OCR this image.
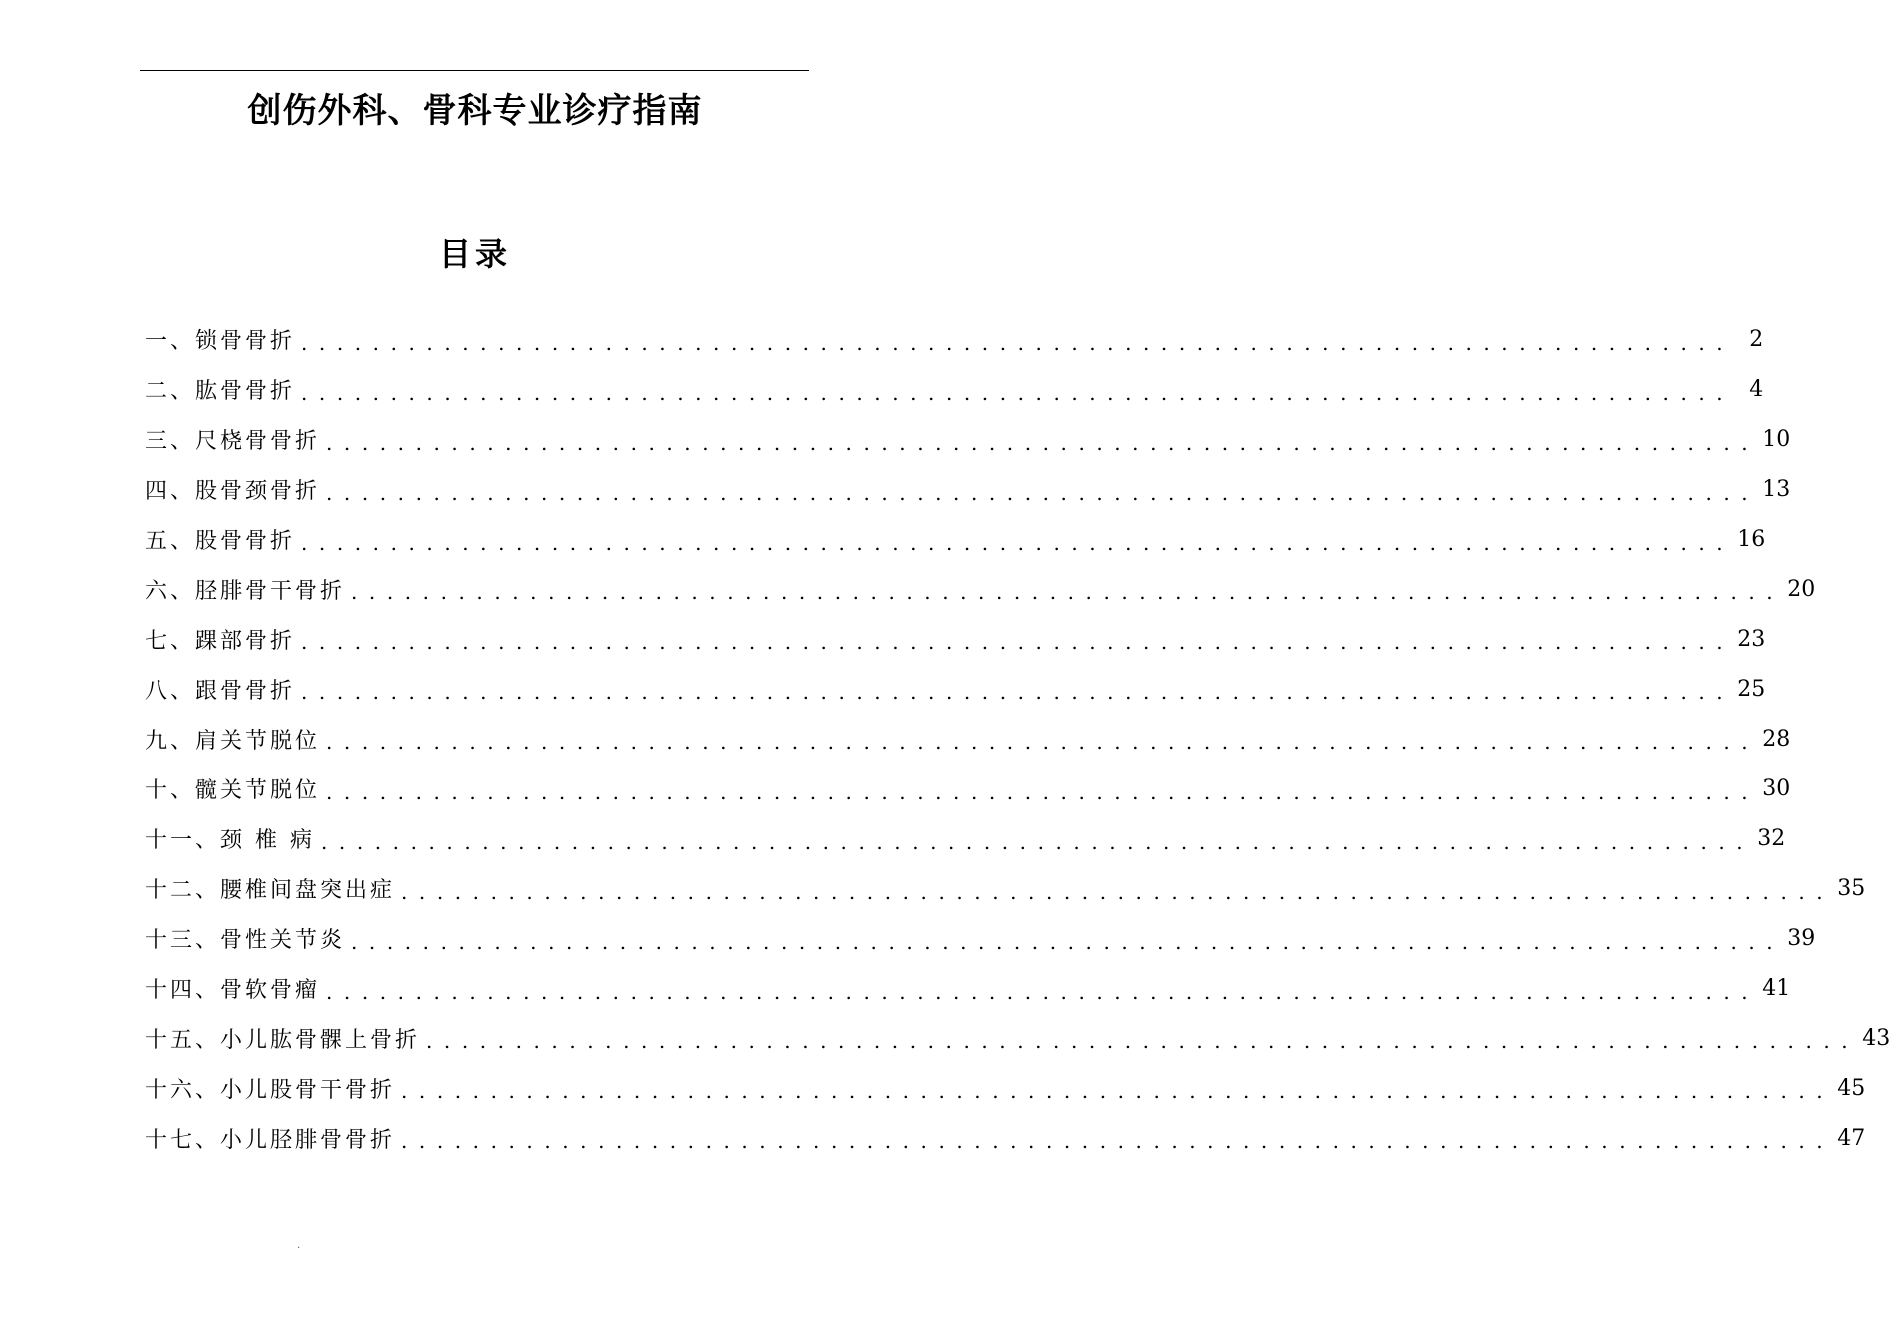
创伤外科、骨科专业诊疗指南
目录
一、锁骨骨折 . . . . . . . . . . . . . . . . . . . . . . . . . . . . . . . . . . . . . . . . . . . . . . . . . . . . . . . . . . . . . . . . . . . . . . . . . . . . . . . .	2
二、肱骨骨折 . . . . . . . . . . . . . . . . . . . . . . . . . . . . . . . . . . . . . . . . . . . . . . . . . . . . . . . . . . . . . . . . . . . . . . . . . . . . . . . .	4
三、尺桡骨骨折 . . . . . . . . . . . . . . . . . . . . . . . . . . . . . . . . . . . . . . . . . . . . . . . . . . . . . . . . . . . . . . . . . . . . . . . . . . . . . . . . 10
四、股骨颈骨折 . . . . . . . . . . . . . . . . . . . . . . . . . . . . . . . . . . . . . . . . . . . . . . . . . . . . . . . . . . . . . . . . . . . . . . . . . . . . . . . . 13
五、股骨骨折 . . . . . . . . . . . . . . . . . . . . . . . . . . . . . . . . . . . . . . . . . . . . . . . . . . . . . . . . . . . . . . . . . . . . . . . . . . . . . . . . 16
六、胫腓骨干骨折 . . . . . . . . . . . . . . . . . . . . . . . . . . . . . . . . . . . . . . . . . . . . . . . . . . . . . . . . . . . . . . . . . . . . . . . . . . . . . . . . 20
七、踝部骨折 . . . . . . . . . . . . . . . . . . . . . . . . . . . . . . . . . . . . . . . . . . . . . . . . . . . . . . . . . . . . . . . . . . . . . . . . . . . . . . . . 23
八、跟骨骨折 . . . . . . . . . . . . . . . . . . . . . . . . . . . . . . . . . . . . . . . . . . . . . . . . . . . . . . . . . . . . . . . . . . . . . . . . . . . . . . . . 25
九、肩关节脱位 . . . . . . . . . . . . . . . . . . . . . . . . . . . . . . . . . . . . . . . . . . . . . . . . . . . . . . . . . . . . . . . . . . . . . . . . . . . . . . . . 28
十、髋关节脱位 . . . . . . . . . . . . . . . . . . . . . . . . . . . . . . . . . . . . . . . . . . . . . . . . . . . . . . . . . . . . . . . . . . . . . . . . . . . . . . . . 30
十一、颈 椎 病 . . . . . . . . . . . . . . . . . . . . . . . . . . . . . . . . . . . . . . . . . . . . . . . . . . . . . . . . . . . . . . . . . . . . . . . . . . . . . . . . 32
十二、腰椎间盘突出症 . . . . . . . . . . . . . . . . . . . . . . . . . . . . . . . . . . . . . . . . . . . . . . . . . . . . . . . . . . . . . . . . . . . . . . . . . . . . . . . . 35
十三、骨性关节炎 . . . . . . . . . . . . . . . . . . . . . . . . . . . . . . . . . . . . . . . . . . . . . . . . . . . . . . . . . . . . . . . . . . . . . . . . . . . . . . . . 39
十四、骨软骨瘤 . . . . . . . . . . . . . . . . . . . . . . . . . . . . . . . . . . . . . . . . . . . . . . . . . . . . . . . . . . . . . . . . . . . . . . . . . . . . . . . . 41
十五、小儿肱骨髁上骨折 . . . . . . . . . . . . . . . . . . . . . . . . . . . . . . . . . . . . . . . . . . . . . . . . . . . . . . . . . . . . . . . . . . . . . . . . . . . . . . . . 43
十六、小儿股骨干骨折 . . . . . . . . . . . . . . . . . . . . . . . . . . . . . . . . . . . . . . . . . . . . . . . . . . . . . . . . . . . . . . . . . . . . . . . . . . . . . . . . 45
十七、小儿胫腓骨骨折 . . . . . . . . . . . . . . . . . . . . . . . . . . . . . . . . . . . . . . . . . . . . . . . . . . . . . . . . . . . . . . . . . . . . . . . . . . . . . . . . 47
.
